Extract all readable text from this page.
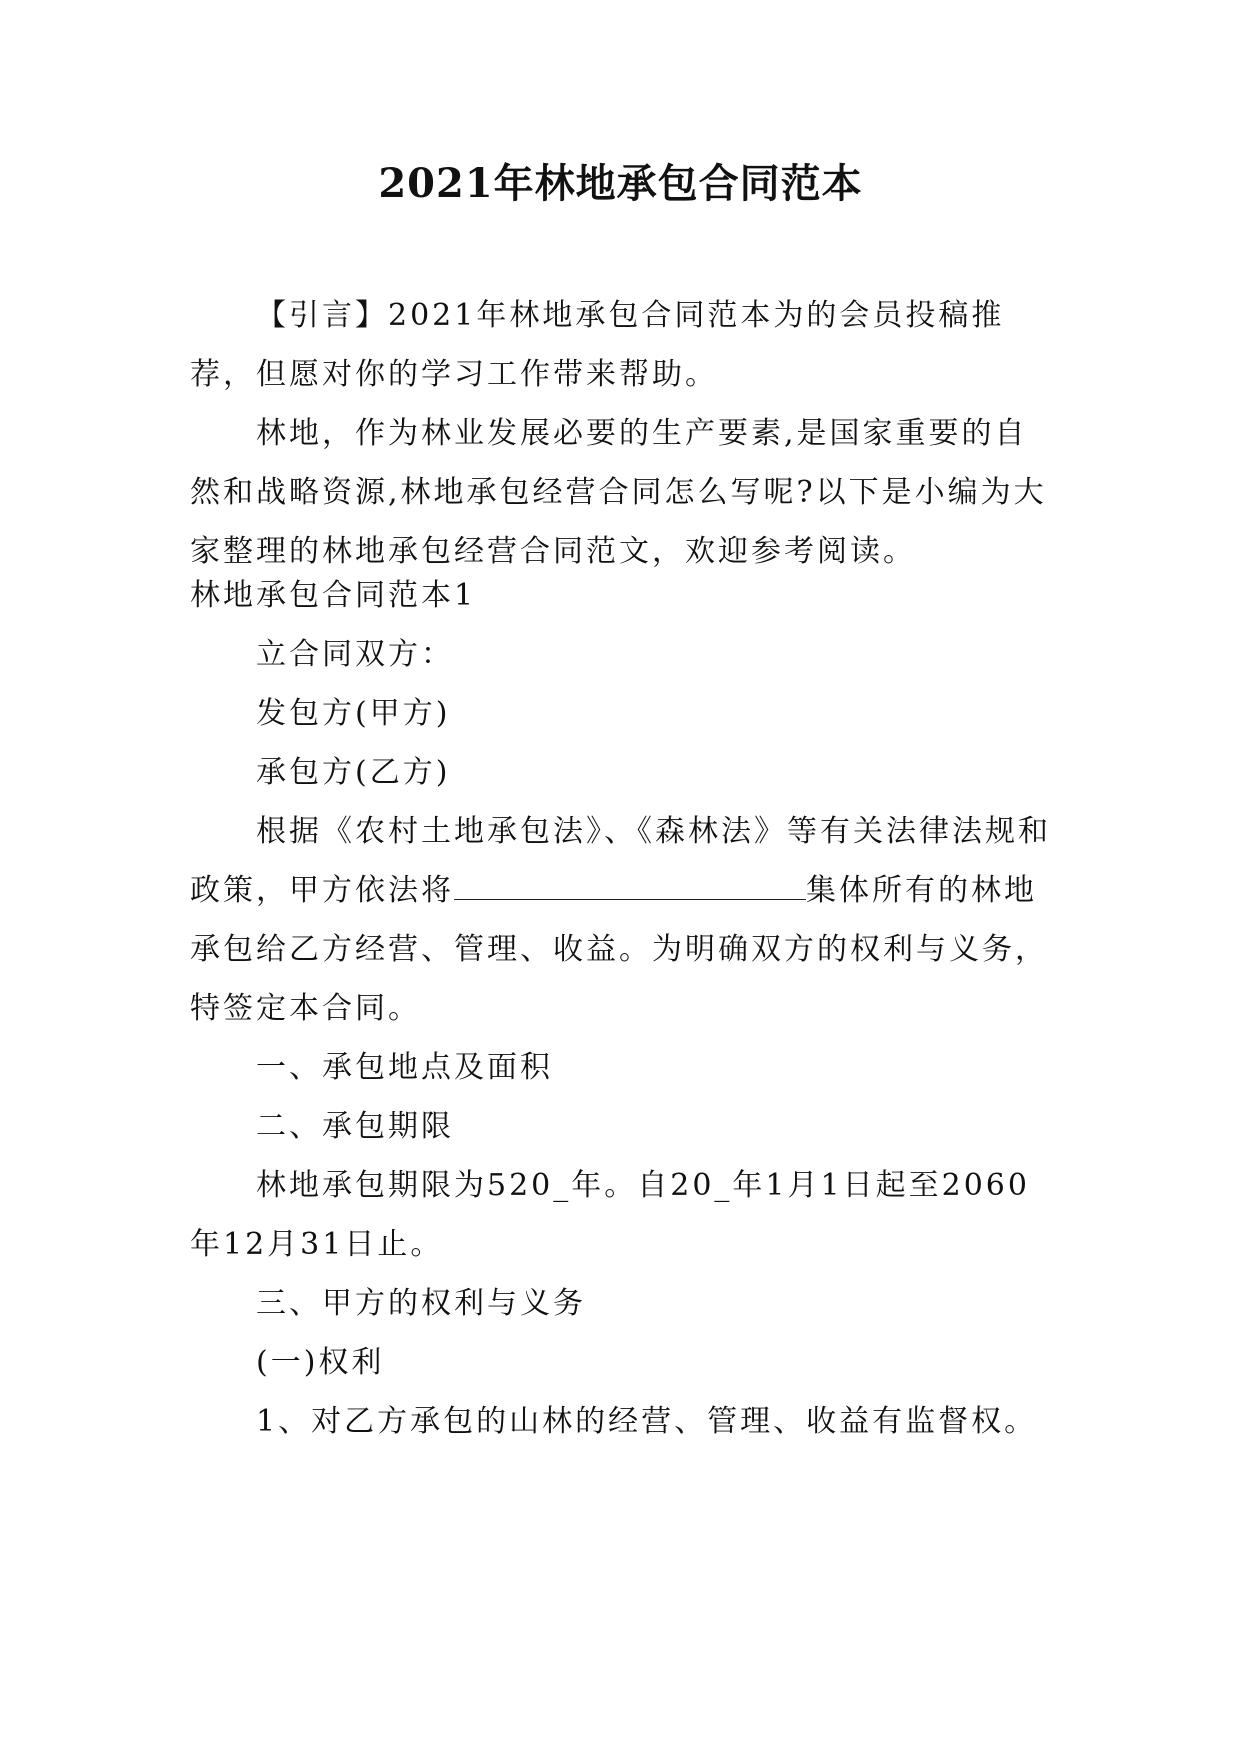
2021年林地承包合同范本

【引言】2021年林地承包合同范本为的会员投稿推荐，但愿对你的学习工作带来帮助。

林地，作为林业发展必要的生产要素,是国家重要的自然和战略资源,林地承包经营合同怎么写呢?以下是小编为大家整理的林地承包经营合同范文，欢迎参考阅读。

林地承包合同范本1

立合同双方：

发包方(甲方)

承包方(乙方)

根据《农村土地承包法》、《森林法》等有关法律法规和政策，甲方依法将	集体所有的林地承包给乙方经营、管理、收益。为明确双方的权利与义务，特签定本合同。

一、承包地点及面积

二、承包期限

林地承包期限为520_年。自20_年1月1日起至2060年12月31日止。

三、甲方的权利与义务

(一)权利

1、对乙方承包的山林的经营、管理、收益有监督权。
